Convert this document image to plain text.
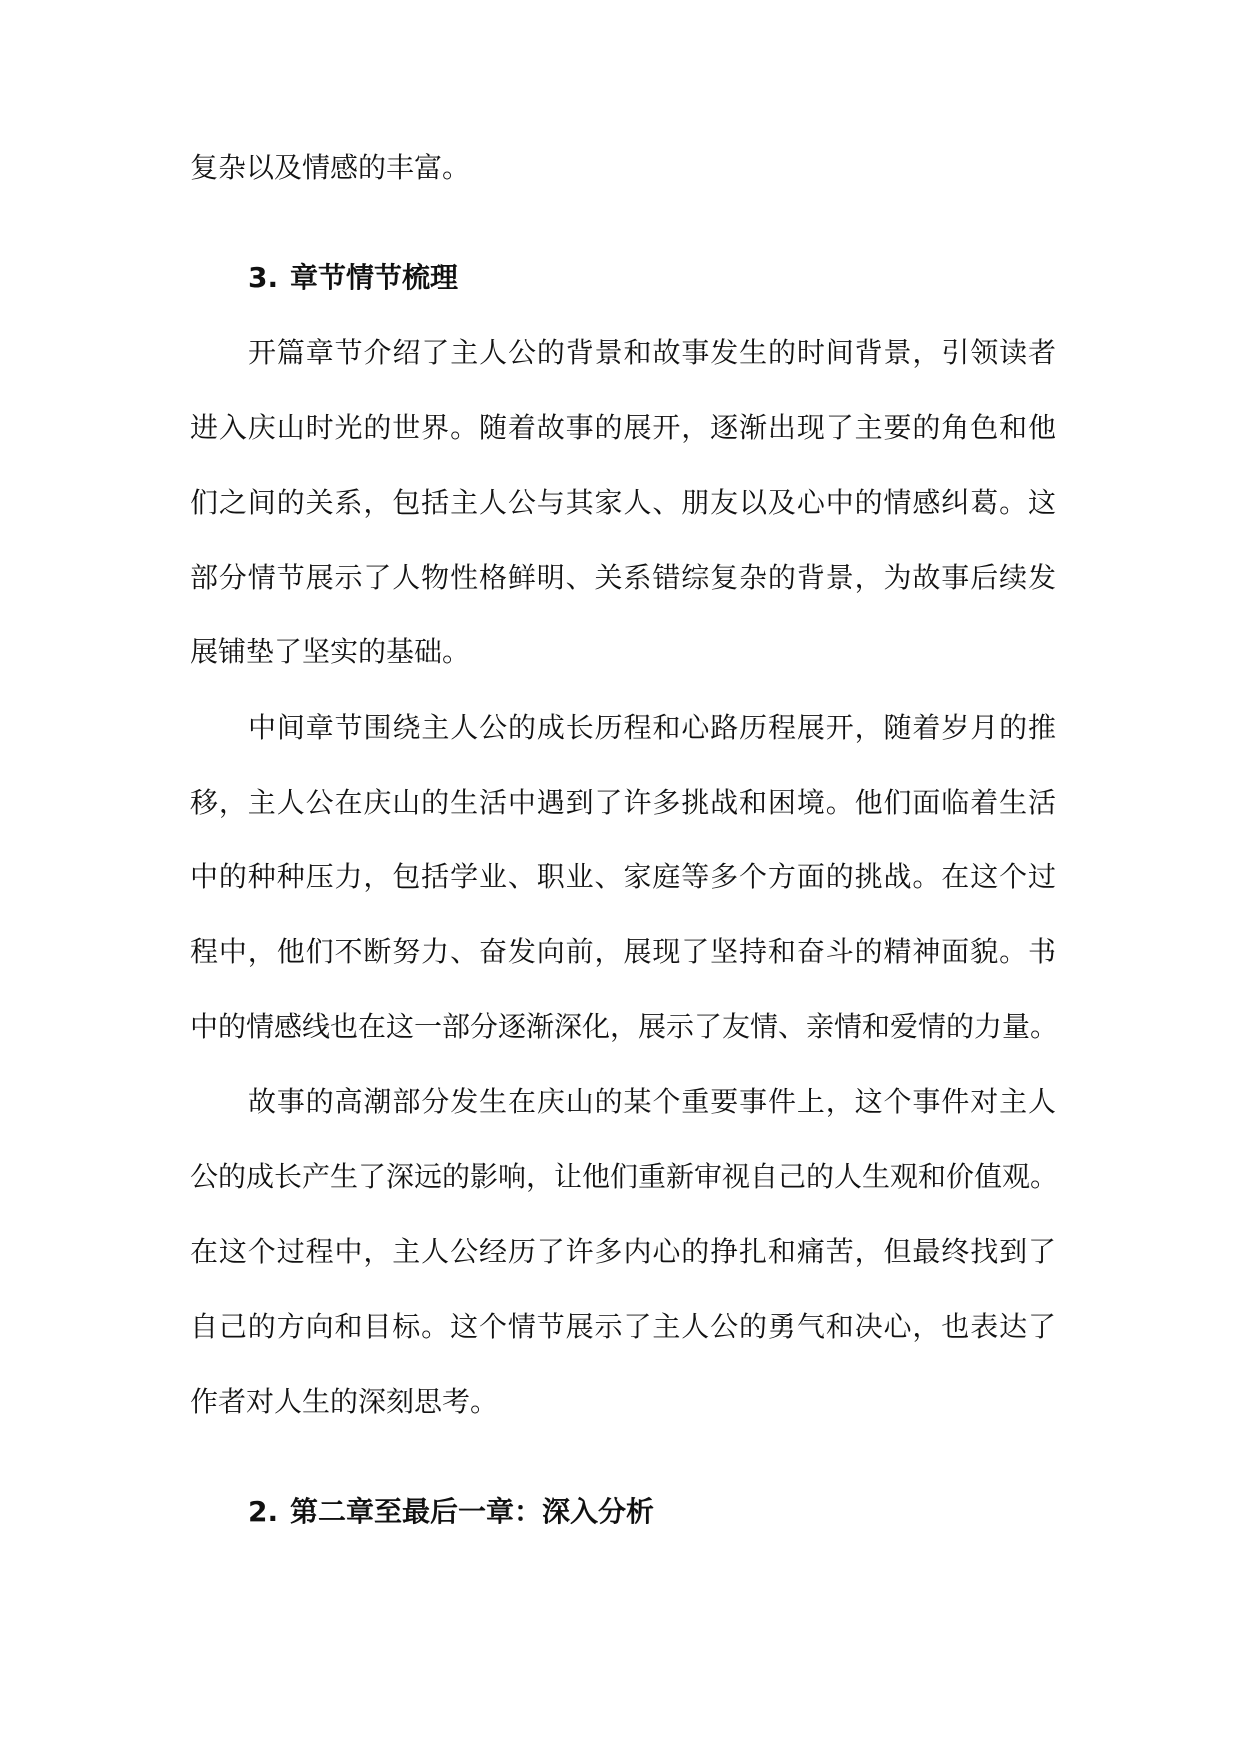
复杂以及情感的丰富。

3. 章节情节梳理

开篇章节介绍了主人公的背景和故事发生的时间背景，引领读者

进入庆山时光的世界。随着故事的展开，逐渐出现了主要的角色和他

们之间的关系，包括主人公与其家人、朋友以及心中的情感纠葛。这

部分情节展示了人物性格鲜明、关系错综复杂的背景，为故事后续发

展铺垫了坚实的基础。

中间章节围绕主人公的成长历程和心路历程展开，随着岁月的推

移，主人公在庆山的生活中遇到了许多挑战和困境。他们面临着生活

中的种种压力，包括学业、职业、家庭等多个方面的挑战。在这个过

程中，他们不断努力、奋发向前，展现了坚持和奋斗的精神面貌。书

中的情感线也在这一部分逐渐深化，展示了友情、亲情和爱情的力量。

故事的高潮部分发生在庆山的某个重要事件上，这个事件对主人

公的成长产生了深远的影响，让他们重新审视自己的人生观和价值观。

在这个过程中，主人公经历了许多内心的挣扎和痛苦，但最终找到了

自己的方向和目标。这个情节展示了主人公的勇气和决心，也表达了

作者对人生的深刻思考。

2. 第二章至最后一章：深入分析
